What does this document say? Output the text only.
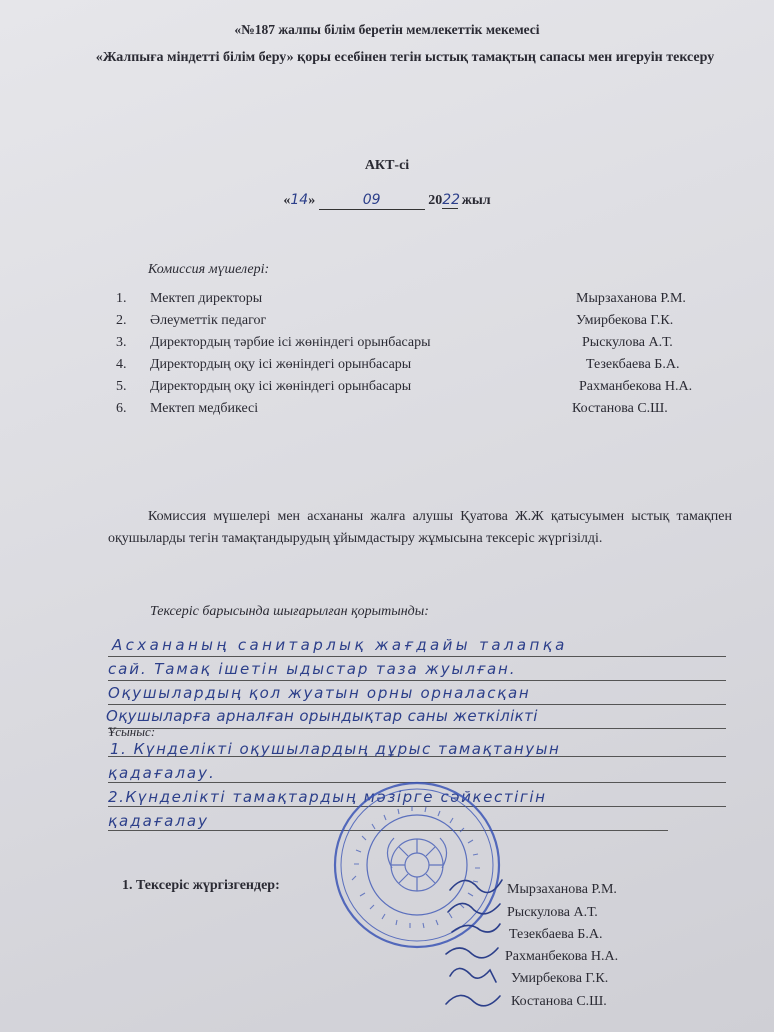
«№187 жалпы білім беретін мемлекеттік мекемесі
«Жалпыға міндетті білім беру» қоры есебінен тегін ыстық тамақтың сапасы мен игеруін тексеру
АКТ-сі
«14»	09	2022 жыл
Комиссия мүшелері:
1.	Мектеп директоры	Мырзаханова Р.М.
2.	Әлеуметтік педагог	Умирбекова Г.К.
3.	Директордың тәрбие ісі жөніндегі орынбасары	Рыскулова А.Т.
4.	Директордың оқу ісі жөніндегі орынбасары	Тезекбаева Б.А.
5.	Директордың оқу ісі жөніндегі орынбасары	Рахманбекова Н.А.
6.	Мектеп медбикесі	Костанова С.Ш.
Комиссия мүшелері мен асхананы жалға алушы Қуатова Ж.Ж қатысуымен ыстық тамақпен оқушыларды тегін тамақтандырудың ұйымдастыру жұмысына тексеріс жүргізілді.
Тексеріс барысында шығарылған қорытынды:
Асхананың санитарлық жағдайы талапқа
сай. Тамақ ішетін ыдыстар таза жуылған.
Оқушылардың қол жуатын орны орналасқан
Оқушыларға арналған орындықтар саны жеткілікті
Ұсыныс:
1. Күнделікті оқушылардың дұрыс тамақтануын
қадағалау.
2.Күнделікті тамақтардың мәзірге сәйкестігін
қадағалау
1. Тексеріс жүргізгендер:	Мырзаханова Р.М.
Рыскулова А.Т.
Тезекбаева Б.А.
Рахманбекова Н.А.
Умирбекова Г.К.
Костанова С.Ш.
